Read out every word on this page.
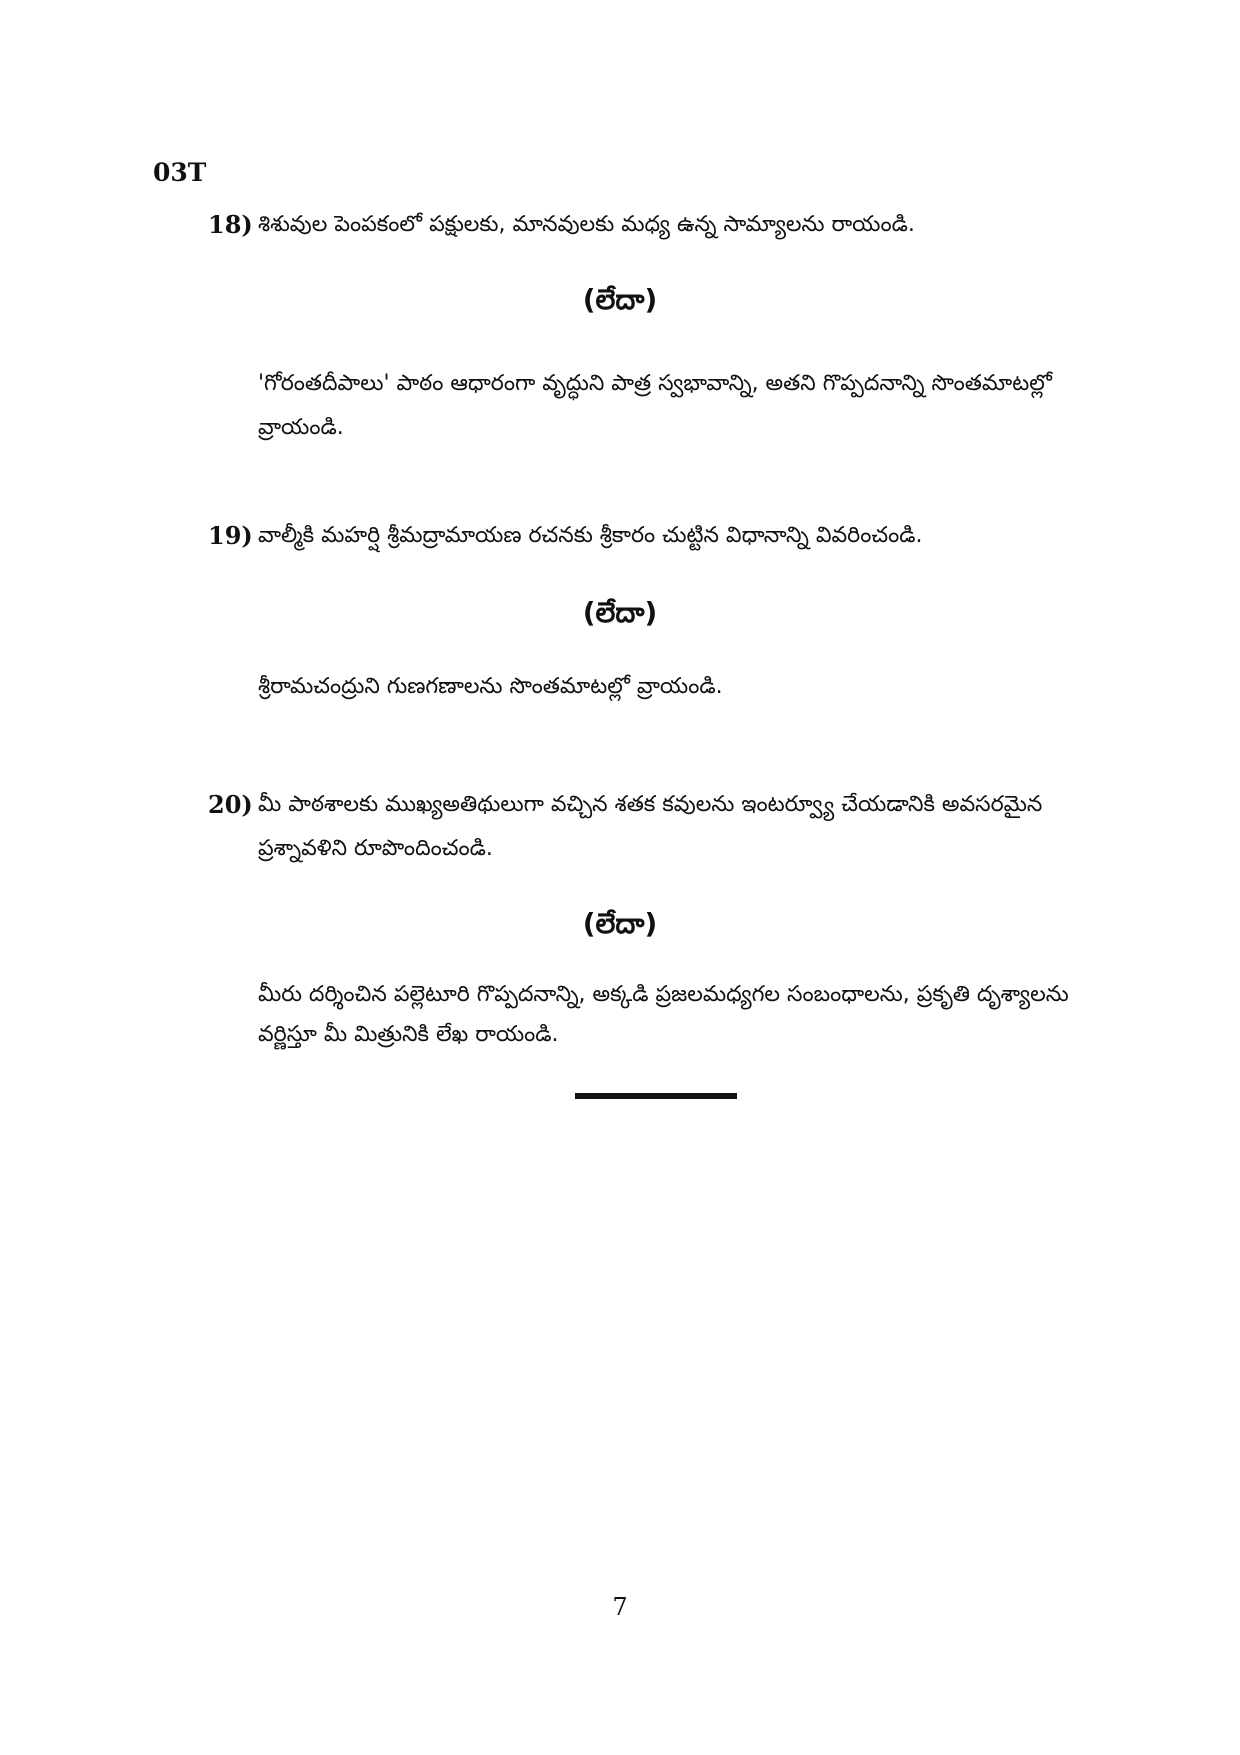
03T
18) శిశువుల పెంపకంలో పక్షులకు, మానవులకు మధ్య ఉన్న సామ్యాలను రాయండి.
(లేదా)
'గోరంతదీపాలు' పాఠం ఆధారంగా వృద్ధుని పాత్ర స్వభావాన్ని, అతని గొప్పదనాన్ని సొంతమాటల్లో వ్రాయండి.
19) వాల్మీకి మహర్షి శ్రీమద్రామాయణ రచనకు శ్రీకారం చుట్టిన విధానాన్ని వివరించండి.
(లేదా)
శ్రీరామచంద్రుని గుణగణాలను సొంతమాటల్లో వ్రాయండి.
20) మీ పాఠశాలకు ముఖ్యఅతిథులుగా వచ్చిన శతక కవులను ఇంటర్వ్యూ చేయడానికి అవసరమైన ప్రశ్నావళిని రూపొందించండి.
(లేదా)
మీరు దర్శించిన పల్లెటూరి గొప్పదనాన్ని, అక్కడి ప్రజలమధ్యగల సంబంధాలను, ప్రకృతి దృశ్యాలను వర్ణిస్తూ మీ మిత్రునికి లేఖ రాయండి.
7
